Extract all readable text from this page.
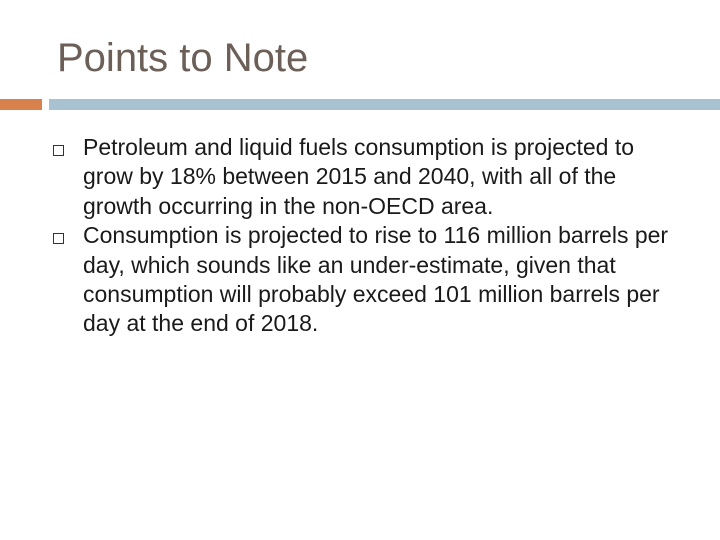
Points to Note
Petroleum and liquid fuels consumption is projected to grow by 18% between 2015 and 2040, with all of the growth occurring in the non-OECD area.
Consumption is projected to rise to 116 million barrels per day, which sounds like an under-estimate, given that consumption will probably exceed 101 million barrels per day at the end of 2018.
